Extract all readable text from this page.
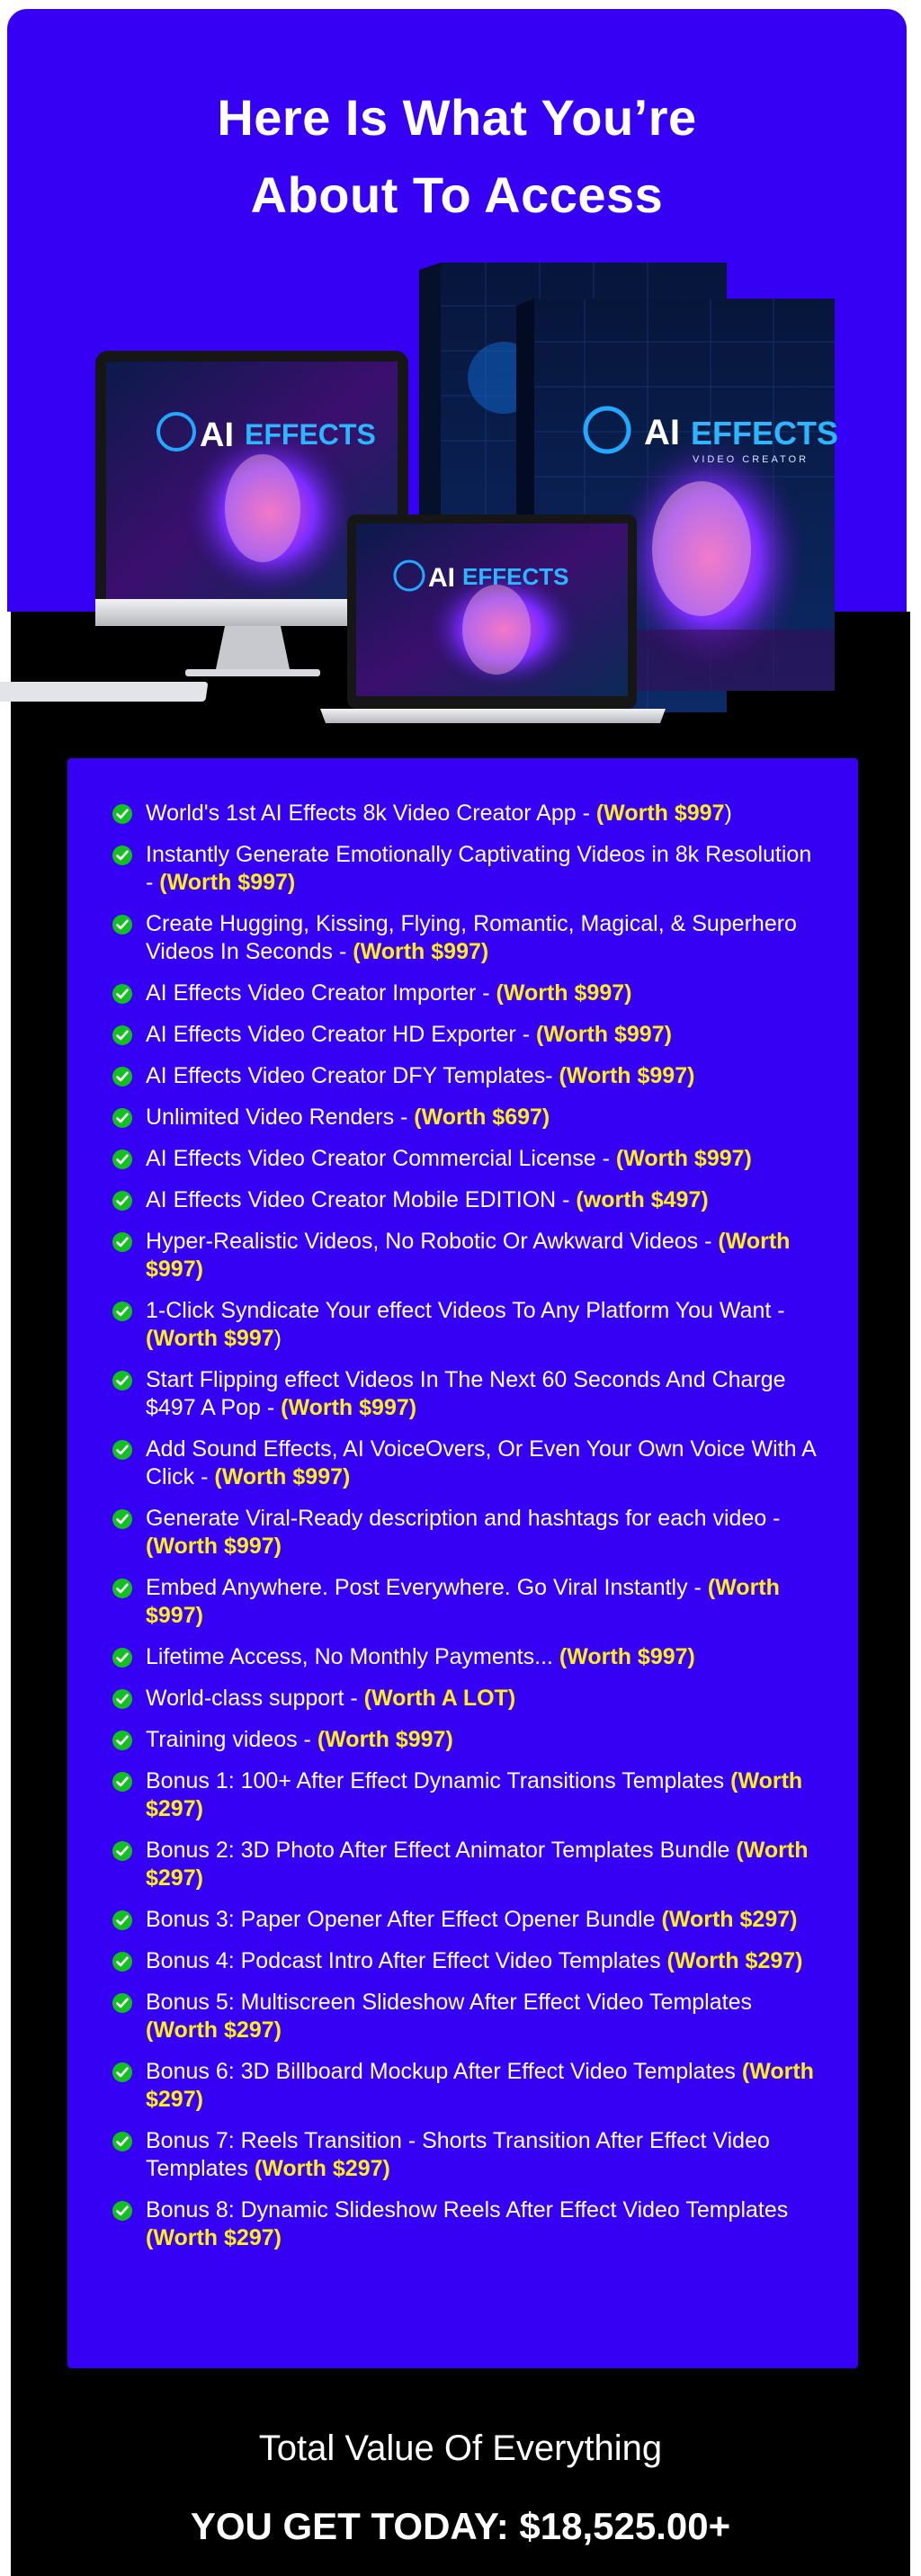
Here Is What You’re
About To Access
AI EFFECTS
VIDEO CREATOR
AI EFFECTS
AI EFFECTS
World's 1st AI Effects 8k Video Creator App - (Worth $997)
Instantly Generate Emotionally Captivating Videos in 8k Resolution - (Worth $997)
Create Hugging, Kissing, Flying, Romantic, Magical, & Superhero Videos In Seconds - (Worth $997)
AI Effects Video Creator Importer - (Worth $997)
AI Effects Video Creator HD Exporter - (Worth $997)
AI Effects Video Creator DFY Templates- (Worth $997)
Unlimited Video Renders - (Worth $697)
AI Effects Video Creator Commercial License - (Worth $997)
AI Effects Video Creator Mobile EDITION - (worth $497)
Hyper-Realistic Videos, No Robotic Or Awkward Videos - (Worth $997)
1-Click Syndicate Your effect Videos To Any Platform You Want - (Worth $997)
Start Flipping effect Videos In The Next 60 Seconds And Charge $497 A Pop - (Worth $997)
Add Sound Effects, AI VoiceOvers, Or Even Your Own Voice With A Click - (Worth $997)
Generate Viral-Ready description and hashtags for each video - (Worth $997)
Embed Anywhere. Post Everywhere. Go Viral Instantly - (Worth $997)
Lifetime Access, No Monthly Payments... (Worth $997)
World-class support - (Worth A LOT)
Training videos - (Worth $997)
Bonus 1: 100+ After Effect Dynamic Transitions Templates (Worth $297)
Bonus 2: 3D Photo After Effect Animator Templates Bundle (Worth $297)
Bonus 3: Paper Opener After Effect Opener Bundle (Worth $297)
Bonus 4: Podcast Intro After Effect Video Templates (Worth $297)
Bonus 5: Multiscreen Slideshow After Effect Video Templates (Worth $297)
Bonus 6: 3D Billboard Mockup After Effect Video Templates (Worth $297)
Bonus 7: Reels Transition - Shorts Transition After Effect Video Templates (Worth $297)
Bonus 8: Dynamic Slideshow Reels After Effect Video Templates (Worth $297)
Total Value Of Everything
YOU GET TODAY: $18,525.00+
